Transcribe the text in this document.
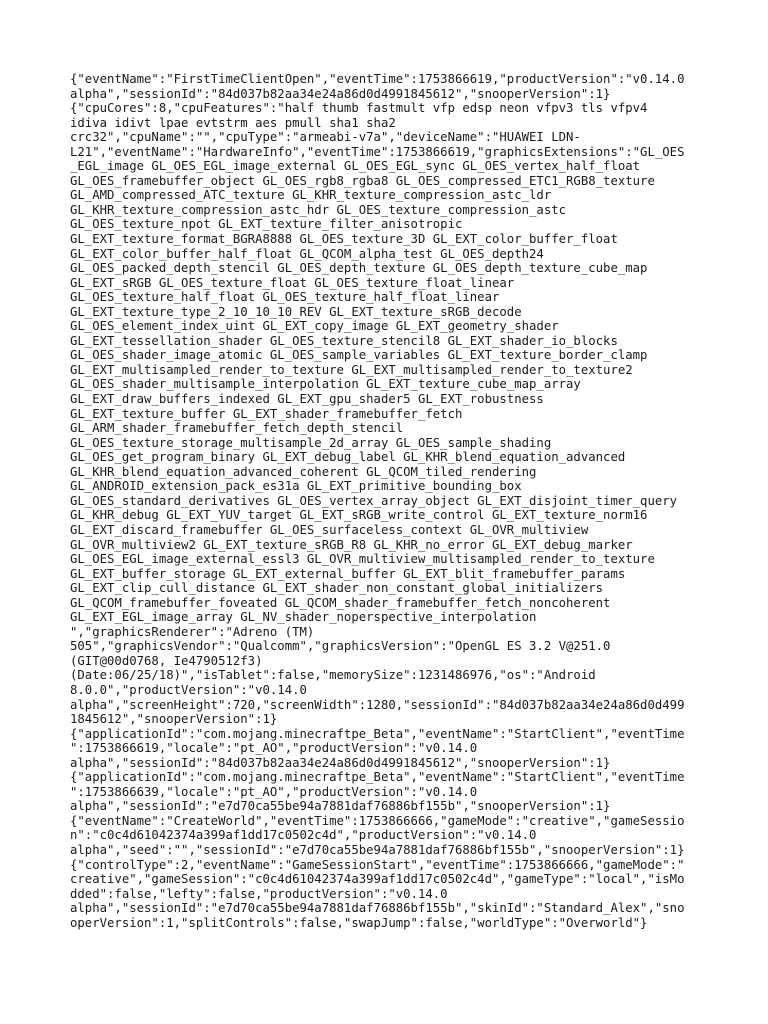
{"eventName":"FirstTimeClientOpen","eventTime":1753866619,"productVersion":"v0.14.0
alpha","sessionId":"84d037b82aa34e24a86d0d4991845612","snooperVersion":1}
{"cpuCores":8,"cpuFeatures":"half thumb fastmult vfp edsp neon vfpv3 tls vfpv4
idiva idivt lpae evtstrm aes pmull sha1 sha2
crc32","cpuName":"","cpuType":"armeabi-v7a","deviceName":"HUAWEI LDN-
L21","eventName":"HardwareInfo","eventTime":1753866619,"graphicsExtensions":"GL_OES
_EGL_image GL_OES_EGL_image_external GL_OES_EGL_sync GL_OES_vertex_half_float
GL_OES_framebuffer_object GL_OES_rgb8_rgba8 GL_OES_compressed_ETC1_RGB8_texture
GL_AMD_compressed_ATC_texture GL_KHR_texture_compression_astc_ldr
GL_KHR_texture_compression_astc_hdr GL_OES_texture_compression_astc
GL_OES_texture_npot GL_EXT_texture_filter_anisotropic
GL_EXT_texture_format_BGRA8888 GL_OES_texture_3D GL_EXT_color_buffer_float
GL_EXT_color_buffer_half_float GL_QCOM_alpha_test GL_OES_depth24
GL_OES_packed_depth_stencil GL_OES_depth_texture GL_OES_depth_texture_cube_map
GL_EXT_sRGB GL_OES_texture_float GL_OES_texture_float_linear
GL_OES_texture_half_float GL_OES_texture_half_float_linear
GL_EXT_texture_type_2_10_10_10_REV GL_EXT_texture_sRGB_decode
GL_OES_element_index_uint GL_EXT_copy_image GL_EXT_geometry_shader
GL_EXT_tessellation_shader GL_OES_texture_stencil8 GL_EXT_shader_io_blocks
GL_OES_shader_image_atomic GL_OES_sample_variables GL_EXT_texture_border_clamp
GL_EXT_multisampled_render_to_texture GL_EXT_multisampled_render_to_texture2
GL_OES_shader_multisample_interpolation GL_EXT_texture_cube_map_array
GL_EXT_draw_buffers_indexed GL_EXT_gpu_shader5 GL_EXT_robustness
GL_EXT_texture_buffer GL_EXT_shader_framebuffer_fetch
GL_ARM_shader_framebuffer_fetch_depth_stencil
GL_OES_texture_storage_multisample_2d_array GL_OES_sample_shading
GL_OES_get_program_binary GL_EXT_debug_label GL_KHR_blend_equation_advanced
GL_KHR_blend_equation_advanced_coherent GL_QCOM_tiled_rendering
GL_ANDROID_extension_pack_es31a GL_EXT_primitive_bounding_box
GL_OES_standard_derivatives GL_OES_vertex_array_object GL_EXT_disjoint_timer_query
GL_KHR_debug GL_EXT_YUV_target GL_EXT_sRGB_write_control GL_EXT_texture_norm16
GL_EXT_discard_framebuffer GL_OES_surfaceless_context GL_OVR_multiview
GL_OVR_multiview2 GL_EXT_texture_sRGB_R8 GL_KHR_no_error GL_EXT_debug_marker
GL_OES_EGL_image_external_essl3 GL_OVR_multiview_multisampled_render_to_texture
GL_EXT_buffer_storage GL_EXT_external_buffer GL_EXT_blit_framebuffer_params
GL_EXT_clip_cull_distance GL_EXT_shader_non_constant_global_initializers
GL_QCOM_framebuffer_foveated GL_QCOM_shader_framebuffer_fetch_noncoherent
GL_EXT_EGL_image_array GL_NV_shader_noperspective_interpolation
","graphicsRenderer":"Adreno (TM)
505","graphicsVendor":"Qualcomm","graphicsVersion":"OpenGL ES 3.2 V@251.0
(GIT@00d0768, Ie4790512f3)
(Date:06/25/18)","isTablet":false,"memorySize":1231486976,"os":"Android
8.0.0","productVersion":"v0.14.0
alpha","screenHeight":720,"screenWidth":1280,"sessionId":"84d037b82aa34e24a86d0d499
1845612","snooperVersion":1}
{"applicationId":"com.mojang.minecraftpe_Beta","eventName":"StartClient","eventTime
":1753866619,"locale":"pt_AO","productVersion":"v0.14.0
alpha","sessionId":"84d037b82aa34e24a86d0d4991845612","snooperVersion":1}
{"applicationId":"com.mojang.minecraftpe_Beta","eventName":"StartClient","eventTime
":1753866639,"locale":"pt_AO","productVersion":"v0.14.0
alpha","sessionId":"e7d70ca55be94a7881daf76886bf155b","snooperVersion":1}
{"eventName":"CreateWorld","eventTime":1753866666,"gameMode":"creative","gameSessio
n":"c0c4d61042374a399af1dd17c0502c4d","productVersion":"v0.14.0
alpha","seed":"","sessionId":"e7d70ca55be94a7881daf76886bf155b","snooperVersion":1}
{"controlType":2,"eventName":"GameSessionStart","eventTime":1753866666,"gameMode":"
creative","gameSession":"c0c4d61042374a399af1dd17c0502c4d","gameType":"local","isMo
dded":false,"lefty":false,"productVersion":"v0.14.0
alpha","sessionId":"e7d70ca55be94a7881daf76886bf155b","skinId":"Standard_Alex","sno
operVersion":1,"splitControls":false,"swapJump":false,"worldType":"Overworld"}
